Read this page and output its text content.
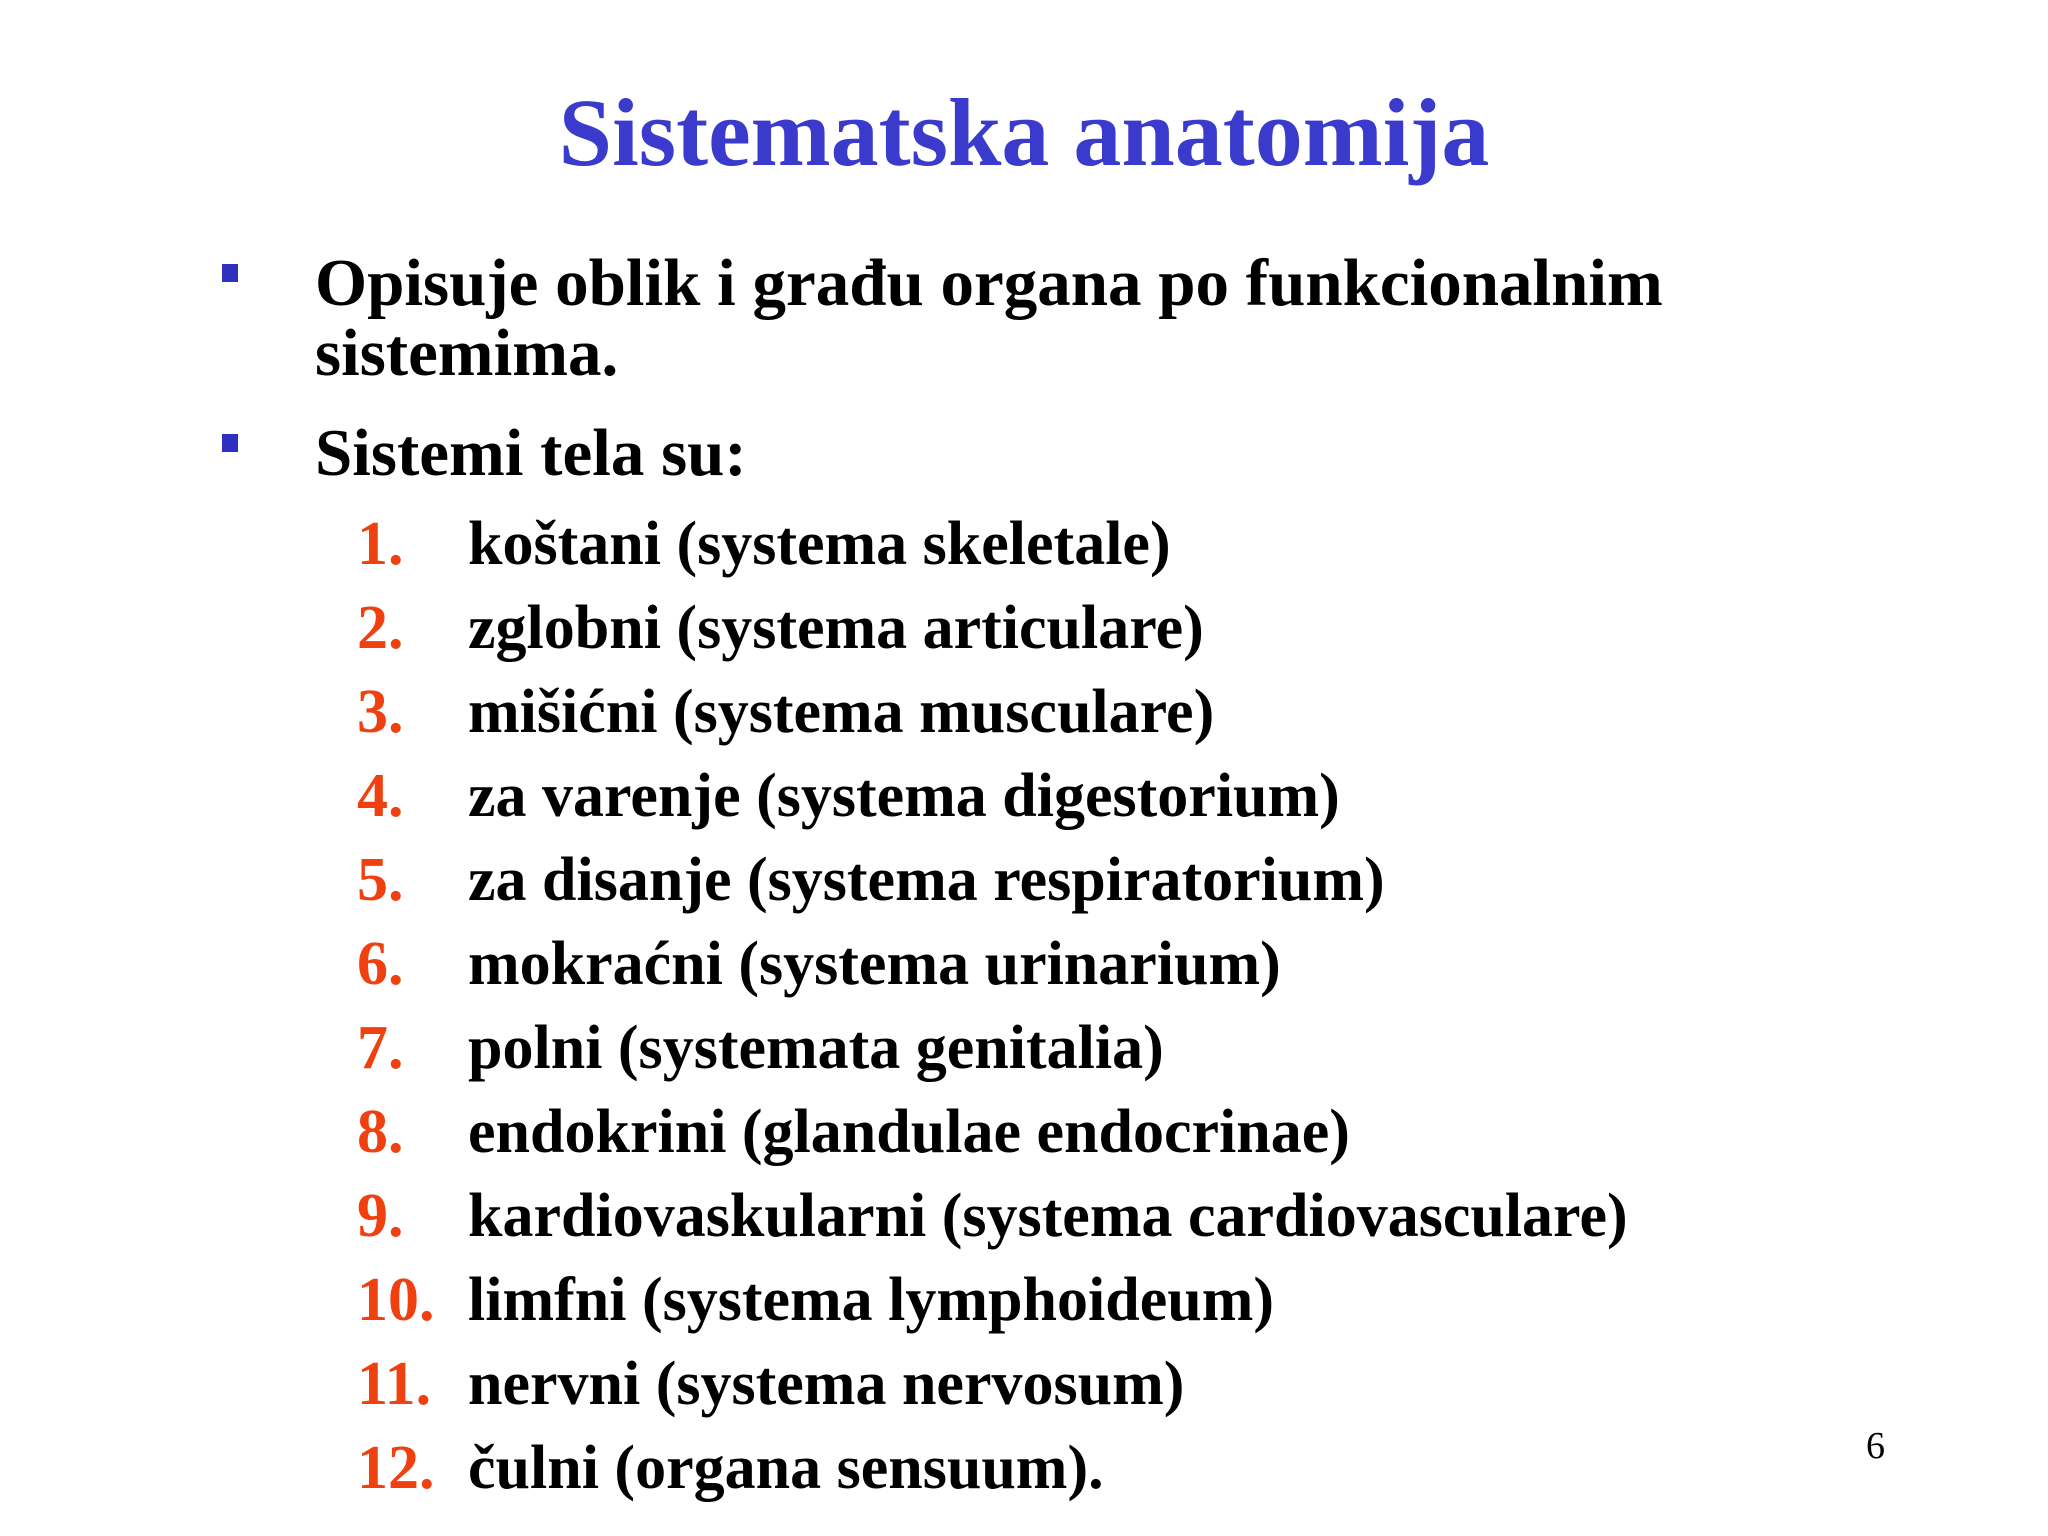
Sistematska anatomija
Opisuje oblik i građu organa po funkcionalnim sistemima.
Sistemi tela su:
1. koštani (systema skeletale)
2. zglobni (systema articulare)
3. mišićni (systema musculare)
4. za varenje (systema digestorium)
5. za disanje (systema respiratorium)
6. mokraćni (systema urinarium)
7. polni (systemata genitalia)
8. endokrini (glandulae endocrinae)
9. kardiovaskularni (systema cardiovasculare)
10. limfni (systema lymphoideum)
11. nervni (systema nervosum)
12. čulni (organa sensuum).	6
